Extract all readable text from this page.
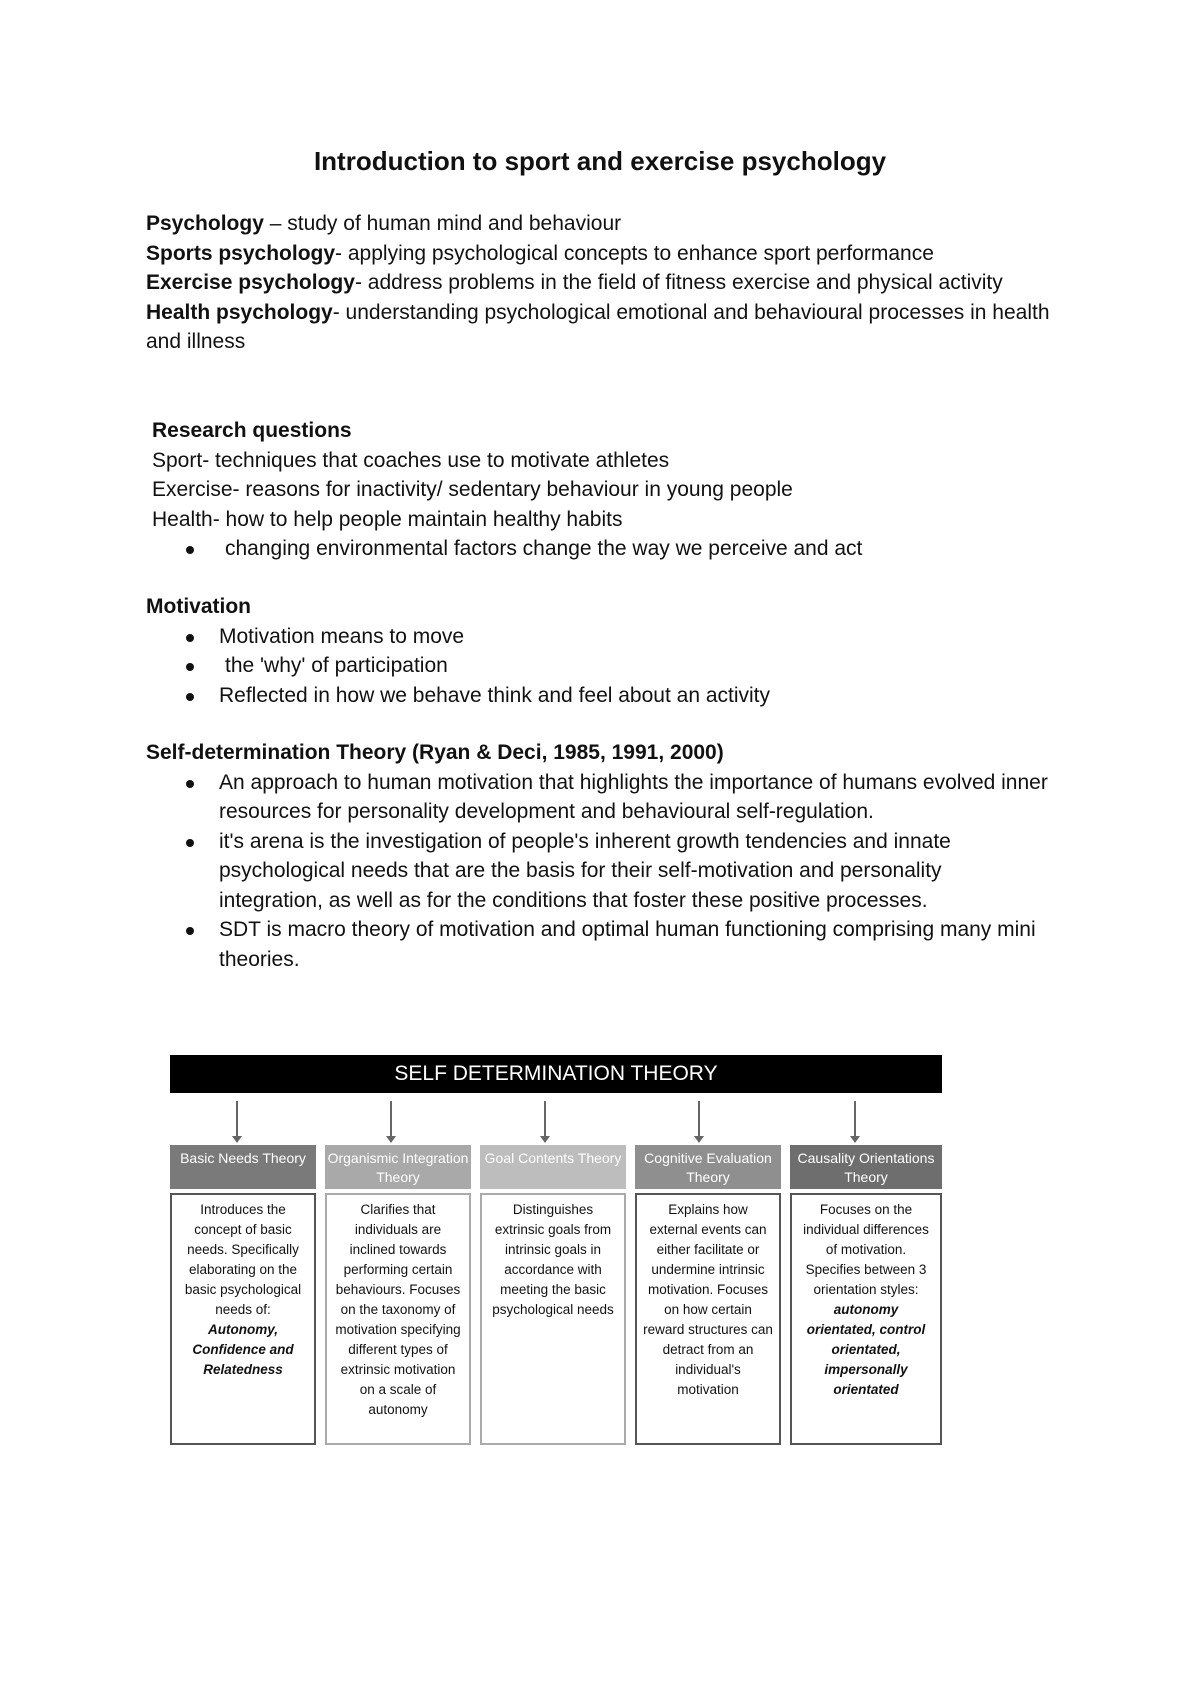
Introduction to sport and exercise psychology

Psychology – study of human mind and behaviour

Sports psychology- applying psychological concepts to enhance sport performance

Exercise psychology- address problems in the field of fitness exercise and physical activity

Health psychology- understanding psychological emotional and behavioural processes in health and illness

Research questions

Sport- techniques that coaches use to motivate athletes

Exercise- reasons for inactivity/ sedentary behaviour in young people

Health- how to help people maintain healthy habits

changing environmental factors change the way we perceive and act

Motivation

Motivation means to move
the 'why' of participation
Reflected in how we behave think and feel about an activity

Self-determination Theory (Ryan & Deci, 1985, 1991, 2000)

An approach to human motivation that highlights the importance of humans evolved inner resources for personality development and behavioural self-regulation.
it's arena is the investigation of people's inherent growth tendencies and innate psychological needs that are the basis for their self-motivation and personality integration, as well as for the conditions that foster these positive processes.
SDT is macro theory of motivation and optimal human functioning comprising many mini theories.
SELF DETERMINATION THEORY
Basic Needs Theory
Introduces the concept of basic needs. Specifically elaborating on the basic psychological needs of:
Autonomy, Confidence and Relatedness
Organismic Integration Theory
Clarifies that individuals are inclined towards performing certain behaviours. Focuses on the taxonomy of motivation specifying different types of extrinsic motivation on a scale of autonomy
Goal Contents Theory
Distinguishes extrinsic goals from intrinsic goals in accordance with meeting the basic psychological needs
Cognitive Evaluation Theory
Explains how external events can either facilitate or undermine intrinsic motivation. Focuses on how certain reward structures can detract from an individual's motivation
Causality Orientations Theory
Focuses on the individual differences of motivation. Specifies between 3 orientation styles:
autonomy orientated, control orientated, impersonally orientated
